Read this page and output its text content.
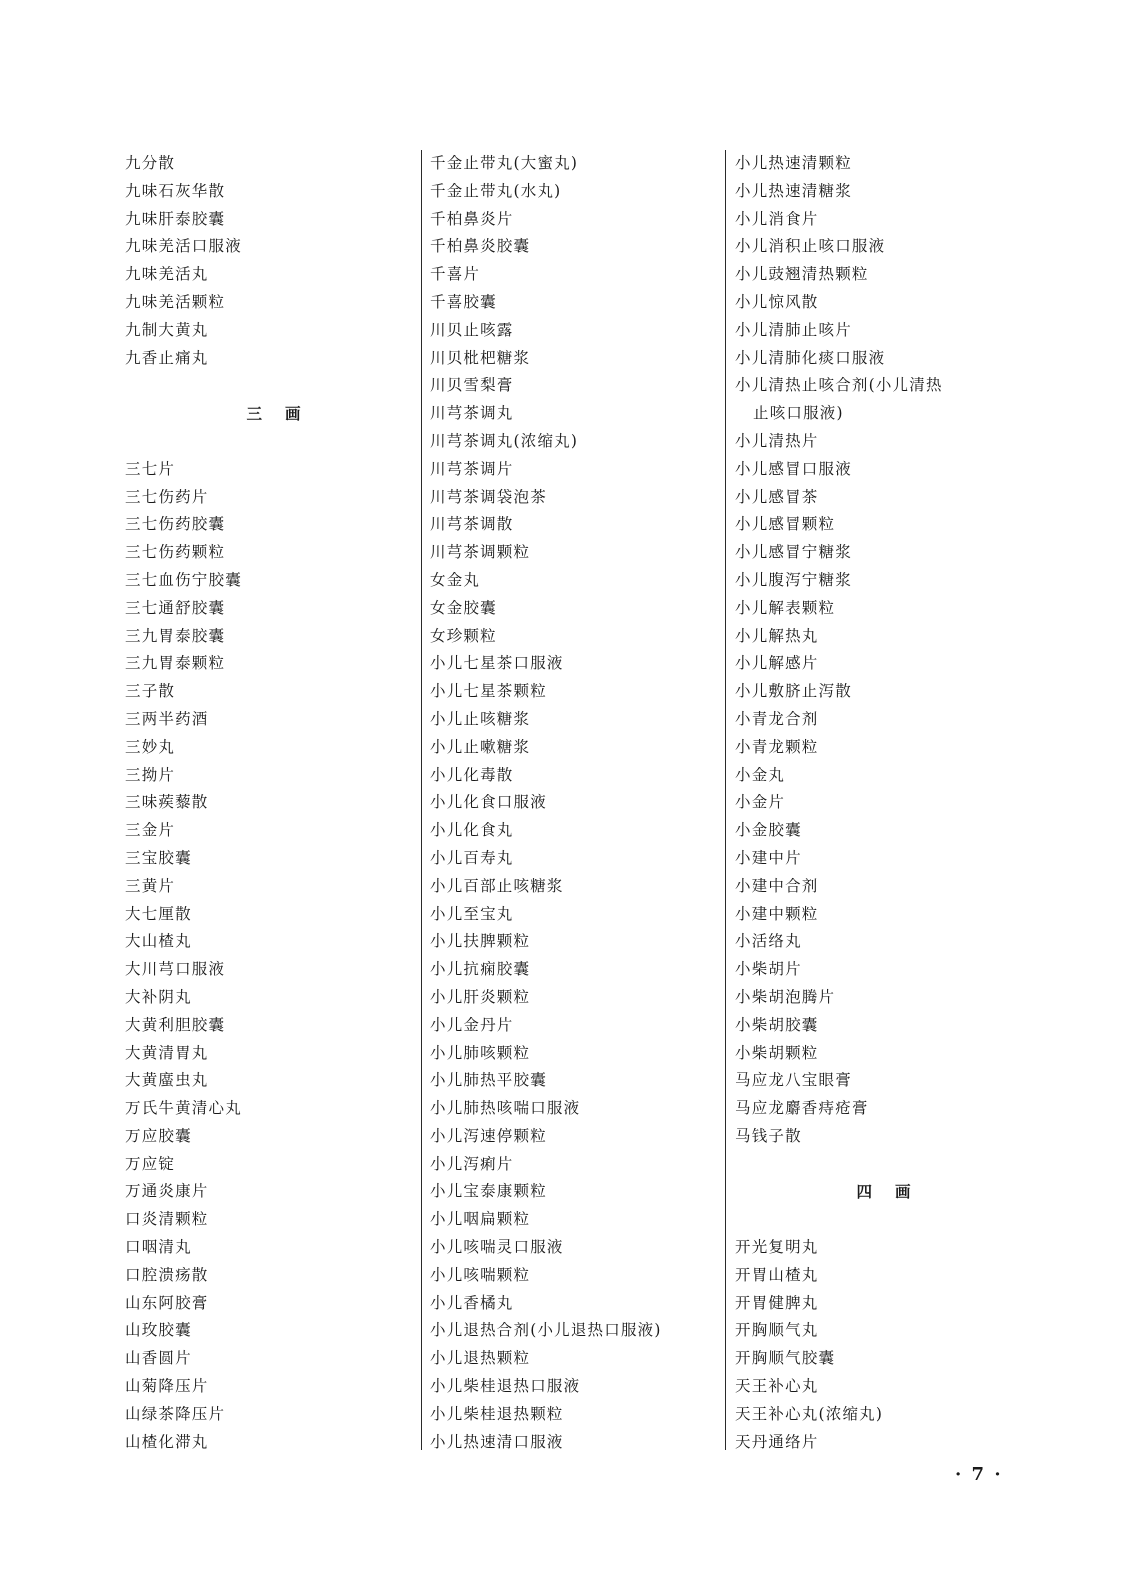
九分散
九味石灰华散
九味肝泰胶囊
九味羌活口服液
九味羌活丸
九味羌活颗粒
九制大黄丸
九香止痛丸
三 画
三七片
三七伤药片
三七伤药胶囊
三七伤药颗粒
三七血伤宁胶囊
三七通舒胶囊
三九胃泰胶囊
三九胃泰颗粒
三子散
三两半药酒
三妙丸
三拗片
三味蒺藜散
三金片
三宝胶囊
三黄片
大七厘散
大山楂丸
大川芎口服液
大补阴丸
大黄利胆胶囊
大黄清胃丸
大黄䗪虫丸
万氏牛黄清心丸
万应胶囊
万应锭
万通炎康片
口炎清颗粒
口咽清丸
口腔溃疡散
山东阿胶膏
山玫胶囊
山香圆片
山菊降压片
山绿茶降压片
山楂化滞丸
千金止带丸(大蜜丸)
千金止带丸(水丸)
千柏鼻炎片
千柏鼻炎胶囊
千喜片
千喜胶囊
川贝止咳露
川贝枇杷糖浆
川贝雪梨膏
川芎茶调丸
川芎茶调丸(浓缩丸)
川芎茶调片
川芎茶调袋泡茶
川芎茶调散
川芎茶调颗粒
女金丸
女金胶囊
女珍颗粒
小儿七星茶口服液
小儿七星茶颗粒
小儿止咳糖浆
小儿止嗽糖浆
小儿化毒散
小儿化食口服液
小儿化食丸
小儿百寿丸
小儿百部止咳糖浆
小儿至宝丸
小儿扶脾颗粒
小儿抗痫胶囊
小儿肝炎颗粒
小儿金丹片
小儿肺咳颗粒
小儿肺热平胶囊
小儿肺热咳喘口服液
小儿泻速停颗粒
小儿泻痢片
小儿宝泰康颗粒
小儿咽扁颗粒
小儿咳喘灵口服液
小儿咳喘颗粒
小儿香橘丸
小儿退热合剂(小儿退热口服液)
小儿退热颗粒
小儿柴桂退热口服液
小儿柴桂退热颗粒
小儿热速清口服液
小儿热速清颗粒
小儿热速清糖浆
小儿消食片
小儿消积止咳口服液
小儿豉翘清热颗粒
小儿惊风散
小儿清肺止咳片
小儿清肺化痰口服液
小儿清热止咳合剂(小儿清热
止咳口服液)
小儿清热片
小儿感冒口服液
小儿感冒茶
小儿感冒颗粒
小儿感冒宁糖浆
小儿腹泻宁糖浆
小儿解表颗粒
小儿解热丸
小儿解感片
小儿敷脐止泻散
小青龙合剂
小青龙颗粒
小金丸
小金片
小金胶囊
小建中片
小建中合剂
小建中颗粒
小活络丸
小柴胡片
小柴胡泡腾片
小柴胡胶囊
小柴胡颗粒
马应龙八宝眼膏
马应龙麝香痔疮膏
马钱子散
四 画
开光复明丸
开胃山楂丸
开胃健脾丸
开胸顺气丸
开胸顺气胶囊
天王补心丸
天王补心丸(浓缩丸)
天丹通络片
· 7 ·
